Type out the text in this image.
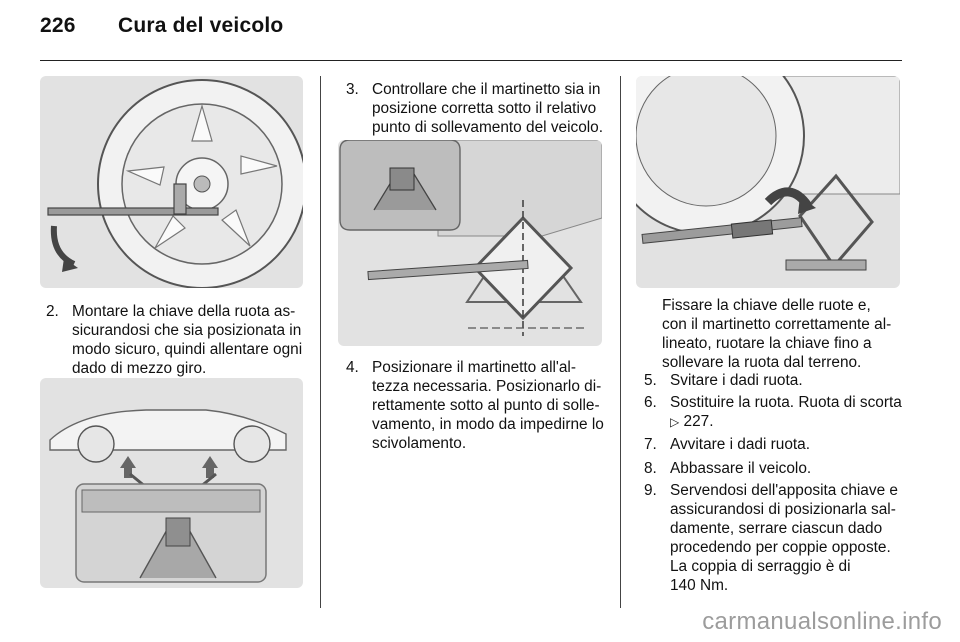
226 Cura del veicolo
2. Montare la chiave della ruota as-
sicurandosi che sia posizionata in
modo sicuro, quindi allentare ogni
dado di mezzo giro.
3. Controllare che il martinetto sia in
posizione corretta sotto il relativo
punto di sollevamento del veicolo.
4. Posizionare il martinetto all'al-
tezza necessaria. Posizionarlo di-
rettamente sotto al punto di solle-
vamento, in modo da impedirne lo
scivolamento.
Fissare la chiave delle ruote e,
con il martinetto correttamente al-
lineato, ruotare la chiave fino a
sollevare la ruota dal terreno.
5. Svitare i dadi ruota.
6. Sostituire la ruota. Ruota di scorta
▷ 227.
7. Avvitare i dadi ruota.
8. Abbassare il veicolo.
9. Servendosi dell'apposita chiave e
assicurandosi di posizionarla sal-
damente, serrare ciascun dado
procedendo per coppie opposte.
La coppia di serraggio è di
140 Nm.
carmanualsonline.info
